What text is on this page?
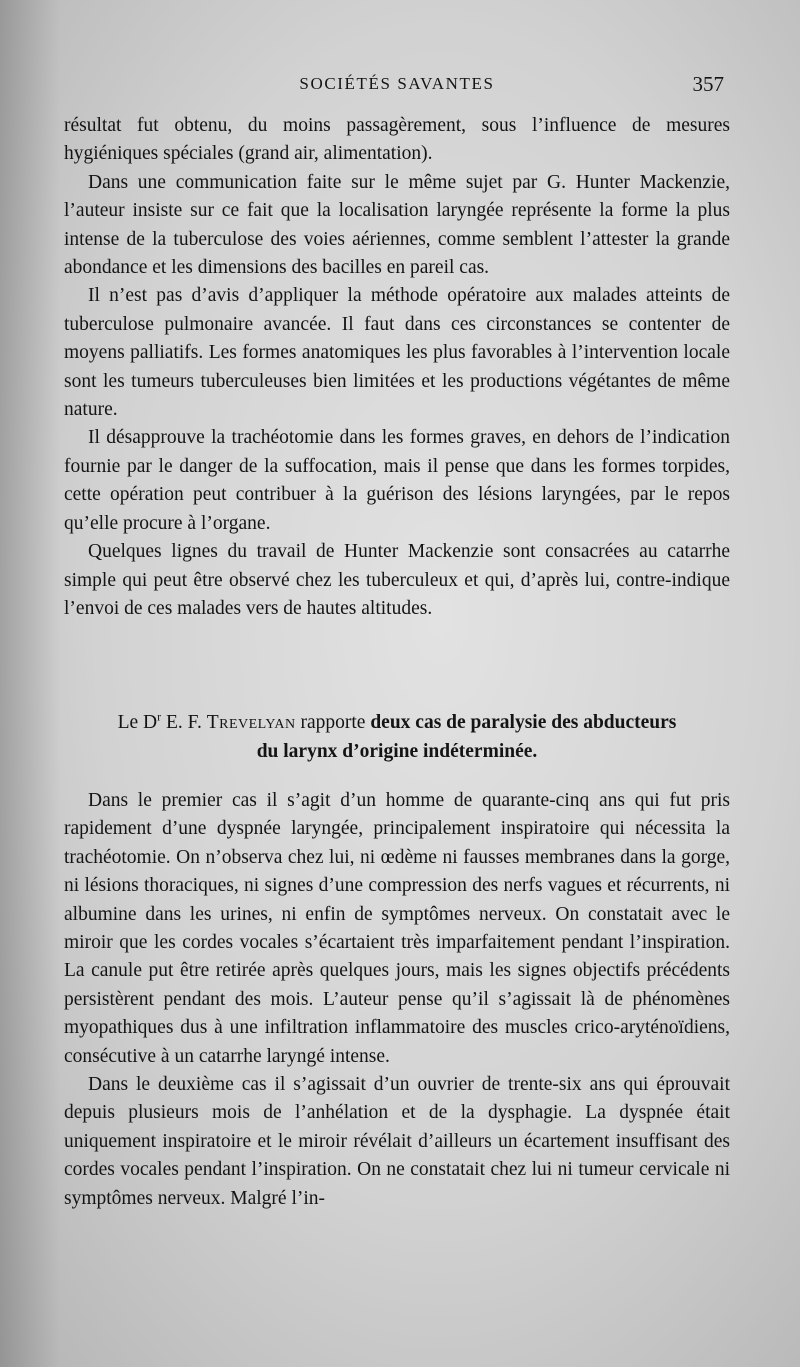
SOCIÉTÉS SAVANTES	357

résultat fut obtenu, du moins passagèrement, sous l’influence de mesures hygiéniques spéciales (grand air, alimentation).

Dans une communication faite sur le même sujet par G. Hunter Mackenzie, l’auteur insiste sur ce fait que la localisation laryngée représente la forme la plus intense de la tuberculose des voies aériennes, comme semblent l’attester la grande abondance et les dimensions des bacilles en pareil cas.

Il n’est pas d’avis d’appliquer la méthode opératoire aux malades atteints de tuberculose pulmonaire avancée. Il faut dans ces circonstances se contenter de moyens palliatifs. Les formes anatomiques les plus favorables à l’intervention locale sont les tumeurs tuberculeuses bien limitées et les productions végétantes de même nature.

Il désapprouve la trachéotomie dans les formes graves, en dehors de l’indication fournie par le danger de la suffocation, mais il pense que dans les formes torpides, cette opération peut contribuer à la guérison des lésions laryngées, par le repos qu’elle procure à l’organe.

Quelques lignes du travail de Hunter Mackenzie sont consacrées au catarrhe simple qui peut être observé chez les tuberculeux et qui, d’après lui, contre-indique l’envoi de ces malades vers de hautes altitudes.

Le $D^r$ E. F. Trevelyan rapporte deux cas de paralysie des abducteurs
du larynx d’origine indéterminée.

Dans le premier cas il s’agit d’un homme de quarante-cinq ans qui fut pris rapidement d’une dyspnée laryngée, principalement inspiratoire qui nécessita la trachéotomie. On n’observa chez lui, ni œdème ni fausses membranes dans la gorge, ni lésions thoraciques, ni signes d’une compression des nerfs vagues et récurrents, ni albumine dans les urines, ni enfin de symptômes nerveux. On constatait avec le miroir que les cordes vocales s’écartaient très imparfaitement pendant l’inspiration. La canule put être retirée après quelques jours, mais les signes objectifs précédents persistèrent pendant des mois. L’auteur pense qu’il s’agissait là de phénomènes myopathiques dus à une infiltration inflammatoire des muscles crico-aryténoïdiens, consécutive à un catarrhe laryngé intense.

Dans le deuxième cas il s’agissait d’un ouvrier de trente-six ans qui éprouvait depuis plusieurs mois de l’anhélation et de la dysphagie. La dyspnée était uniquement inspiratoire et le miroir révélait d’ailleurs un écartement insuffisant des cordes vocales pendant l’inspiration. On ne constatait chez lui ni tumeur cervicale ni symptômes nerveux. Malgré l’in-
